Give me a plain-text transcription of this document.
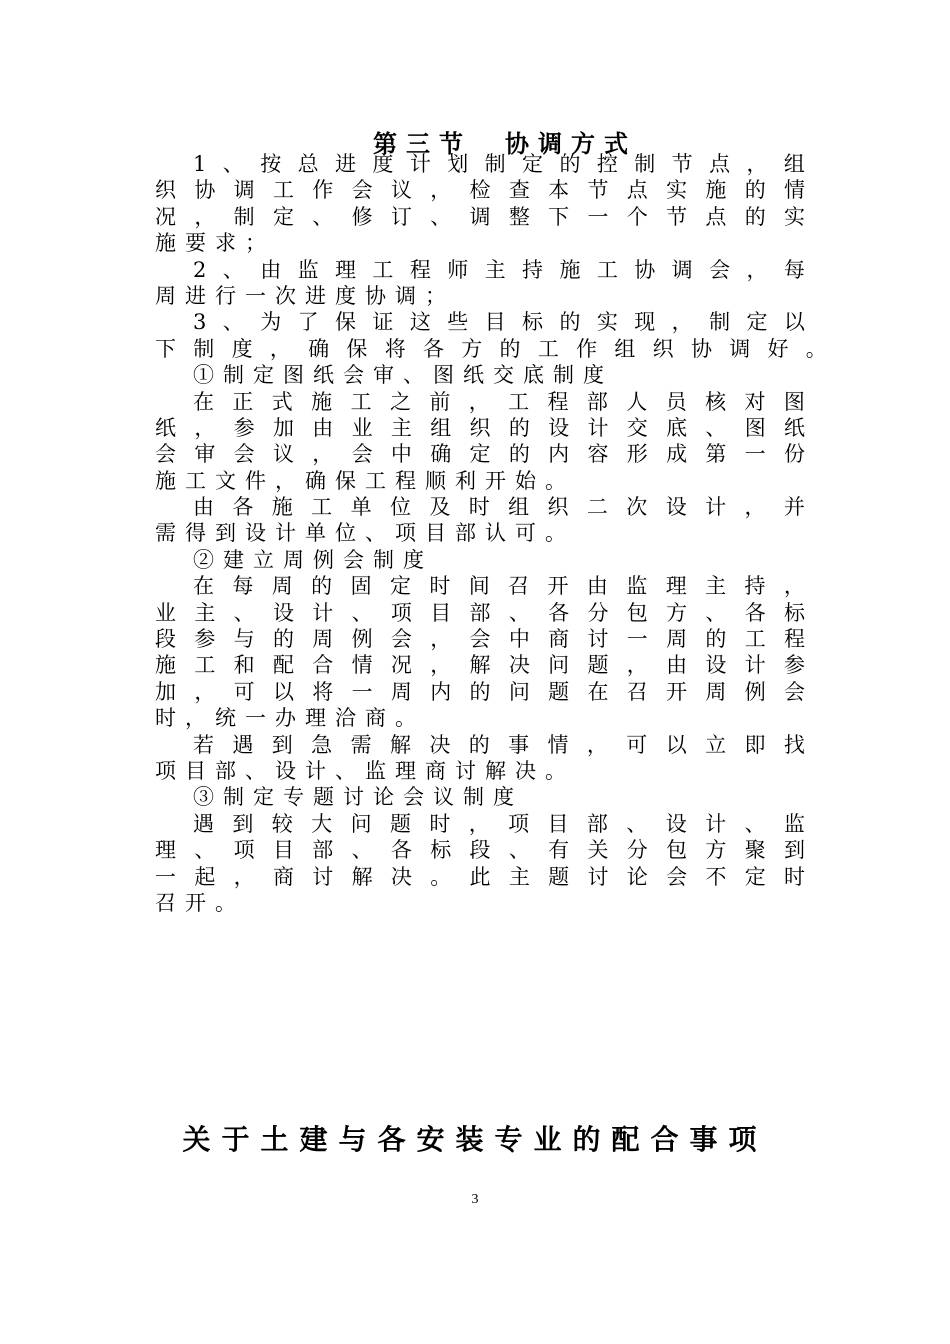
第三节　协调方式
1 、 按 总 进 度 计 划 制 定 的 控 制 节 点 ， 组
织 协 调 工 作 会 议 ， 检 查 本 节 点 实 施 的 情
况 ， 制 定 、 修 订 、 调 整 下 一 个 节 点 的 实
施要求；
2 、 由 监 理 工 程 师 主 持 施 工 协 调 会 ， 每
周进行一次进度协调；
3 、 为 了 保 证 这 些 目 标 的 实 现 ， 制 定 以
下 制 度 ， 确 保 将 各 方 的 工 作 组 织 协 调 好 。
①制定图纸会审、图纸交底制度
在 正 式 施 工 之 前 ， 工 程 部 人 员 核 对 图
纸 ， 参 加 由 业 主 组 织 的 设 计 交 底 、 图 纸
会 审 会 议 ， 会 中 确 定 的 内 容 形 成 第 一 份
施工文件，确保工程顺利开始。
由 各 施 工 单 位 及 时 组 织 二 次 设 计 ， 并
需得到设计单位、项目部认可。
②建立周例会制度
在 每 周 的 固 定 时 间 召 开 由 监 理 主 持 ，
业 主 、 设 计 、 项 目 部 、 各 分 包 方 、 各 标
段 参 与 的 周 例 会 ， 会 中 商 讨 一 周 的 工 程
施 工 和 配 合 情 况 ， 解 决 问 题 ， 由 设 计 参
加 ， 可 以 将 一 周 内 的 问 题 在 召 开 周 例 会
时，统一办理洽商。
若 遇 到 急 需 解 决 的 事 情 ， 可 以 立 即 找
项目部、设计、监理商讨解决。
③制定专题讨论会议制度
遇 到 较 大 问 题 时 ， 项 目 部 、 设 计 、 监
理 、 项 目 部 、 各 标 段 、 有 关 分 包 方 聚 到
一 起 ， 商 讨 解 决 。 此 主 题 讨 论 会 不 定 时
召开。
关于土建与各安装专业的配合事项
3
